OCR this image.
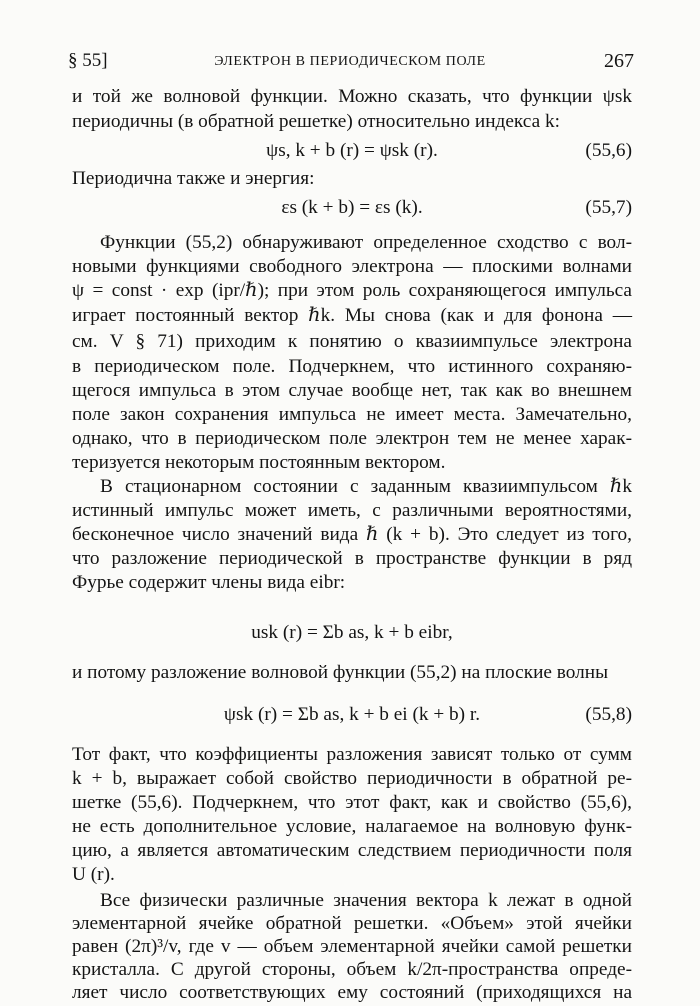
§ 55]	ЭЛЕКТРОН В ПЕРИОДИЧЕСКОМ ПОЛЕ	267
и той же волновой функции. Можно сказать, что функции ψsk
периодичны (в обратной решетке) относительно индекса k:
ψs, k + b (r) = ψsk (r).	(55,6)
Периодична также и энергия:
εs (k + b) = εs (k).	(55,7)
Функции (55,2) обнаруживают определенное сходство с вол-
новыми функциями свободного электрона — плоскими волнами
ψ = const · exp (ipr/ℏ); при этом роль сохраняющегося импульса
играет постоянный вектор ℏk. Мы снова (как и для фонона —
см. V § 71) приходим к понятию о квазиимпульсе электрона
в периодическом поле. Подчеркнем, что истинного сохраняю-
щегося импульса в этом случае вообще нет, так как во внешнем
поле закон сохранения импульса не имеет места. Замечательно,
однако, что в периодическом поле электрон тем не менее харак-
теризуется некоторым постоянным вектором.
В стационарном состоянии с заданным квазиимпульсом ℏk
истинный импульс может иметь, с различными вероятностями,
бесконечное число значений вида ℏ (k + b). Это следует из того,
что разложение периодической в пространстве функции в ряд
Фурье содержит члены вида eibr:
usk (r) = Σb as, k + b eibr,
и потому разложение волновой функции (55,2) на плоские волны
ψsk (r) = Σb as, k + b ei (k + b) r.	(55,8)
Тот факт, что коэффициенты разложения зависят только от сумм
k + b, выражает собой свойство периодичности в обратной ре-
шетке (55,6). Подчеркнем, что этот факт, как и свойство (55,6),
не есть дополнительное условие, налагаемое на волновую функ-
цию, а является автоматическим следствием периодичности поля
U (r).
Все физически различные значения вектора k лежат в одной
элементарной ячейке обратной решетки. «Объем» этой ячейки
равен (2π)³/v, где v — объем элементарной ячейки самой решетки
кристалла. С другой стороны, объем k/2π-пространства опреде-
ляет число соответствующих ему состояний (приходящихся на
